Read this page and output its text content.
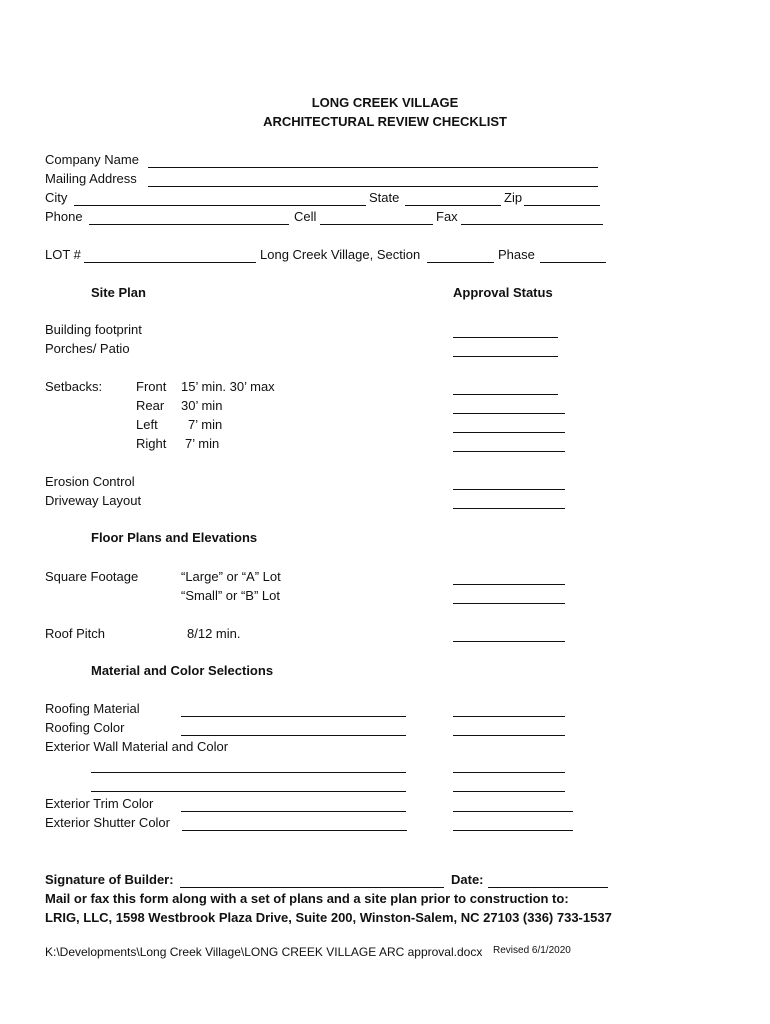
LONG CREEK VILLAGE
ARCHITECTURAL REVIEW CHECKLIST
Company Name
Mailing Address
City	State	Zip
Phone	Cell	Fax
LOT #	Long Creek Village, Section	Phase
Site Plan	Approval Status
Building footprint
Porches/ Patio
Setbacks:	Front 15’ min. 30’ max
Rear 30’ min
Left 7’ min
Right 7’ min
Erosion Control
Driveway Layout
Floor Plans and Elevations
Square Footage	“Large” or “A” Lot
“Small” or “B” Lot
Roof Pitch	8/12 min.
Material and Color Selections
Roofing Material
Roofing Color
Exterior Wall Material and Color
Exterior Trim Color
Exterior Shutter Color
Signature of Builder:	Date:
Mail or fax this form along with a set of plans and a site plan prior to construction to:
LRIG, LLC, 1598 Westbrook Plaza Drive, Suite 200, Winston-Salem, NC 27103 (336) 733-1537
K:\Developments\Long Creek Village\LONG CREEK VILLAGE ARC approval.docx Revised 6/1/2020
